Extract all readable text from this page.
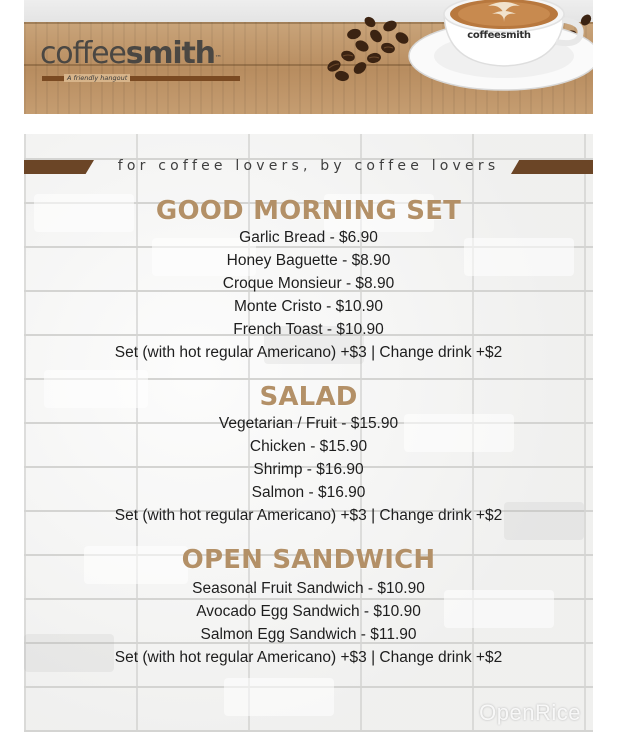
coffeesmith™
A friendly hangout
coffeesmith
for coffee lovers, by coffee lovers
GOOD MORNING SET
Garlic Bread - $6.90
Honey Baguette - $8.90
Croque Monsieur - $8.90
Monte Cristo - $10.90
French Toast - $10.90
Set (with hot regular Americano) +$3 | Change drink +$2
SALAD
Vegetarian / Fruit - $15.90
Chicken - $15.90
Shrimp - $16.90
Salmon - $16.90
Set (with hot regular Americano) +$3 | Change drink +$2
OPEN SANDWICH
Seasonal Fruit Sandwich - $10.90
Avocado Egg Sandwich - $10.90
Salmon Egg Sandwich - $11.90
Set (with hot regular Americano) +$3 | Change drink +$2
OpenRice
